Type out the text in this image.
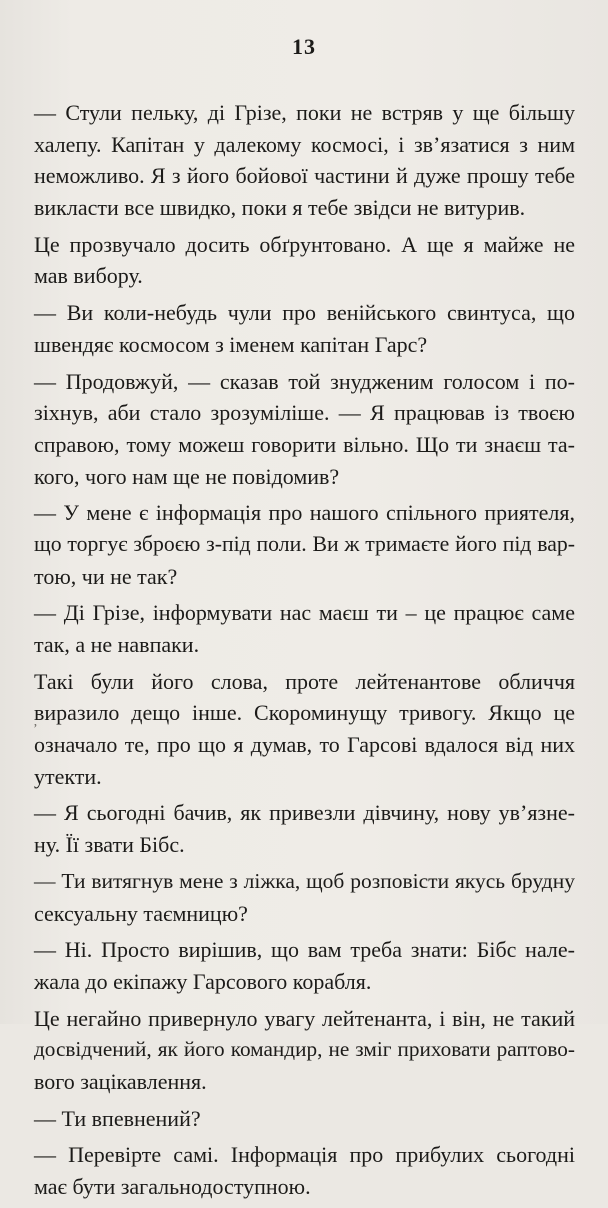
13
— Стули пельку, ді Грізе, поки не встряв у ще більшу
халепу. Капітан у далекому космосі, і зв’язатися з ним
неможливо. Я з його бойової частини й дуже прошу тебе
викласти все швидко, поки я тебе звідси не витурив.
Це прозвучало досить обґрунтовано. А ще я майже не
мав вибору.
— Ви коли-небудь чули про венійського свинтуса, що
швендяє космосом з іменем капітан Гарс?
— Продовжуй, — сказав той знудженим голосом і по-
зіхнув, аби стало зрозуміліше. — Я працював із твоєю
справою, тому можеш говорити вільно. Що ти знаєш та-
кого, чого нам ще не повідомив?
— У мене є інформація про нашого спільного приятеля,
що торгує зброєю з-під поли. Ви ж тримаєте його під вар-
тою, чи не так?
— Ді Грізе, інформувати нас маєш ти – це працює саме
так, а не навпаки.
Такі були його слова, проте лейтенантове обличчя
виразило дещо інше. Скороминущу тривогу. Якщо це
означало те, про що я думав, то Гарсові вдалося від них
утекти.
— Я сьогодні бачив, як привезли дівчину, нову ув’язне-
ну. Її звати Бібс.
— Ти витягнув мене з ліжка, щоб розповісти якусь брудну
сексуальну таємницю?
— Ні. Просто вирішив, що вам треба знати: Бібс нале-
жала до екіпажу Гарсового корабля.
Це негайно привернуло увагу лейтенанта, і він, не такий
досвідчений, як його командир, не зміг приховати раптово-
вого зацікавлення.
— Ти впевнений?
— Перевірте самі. Інформація про прибулих сьогодні
має бути загальнодоступною.
’
